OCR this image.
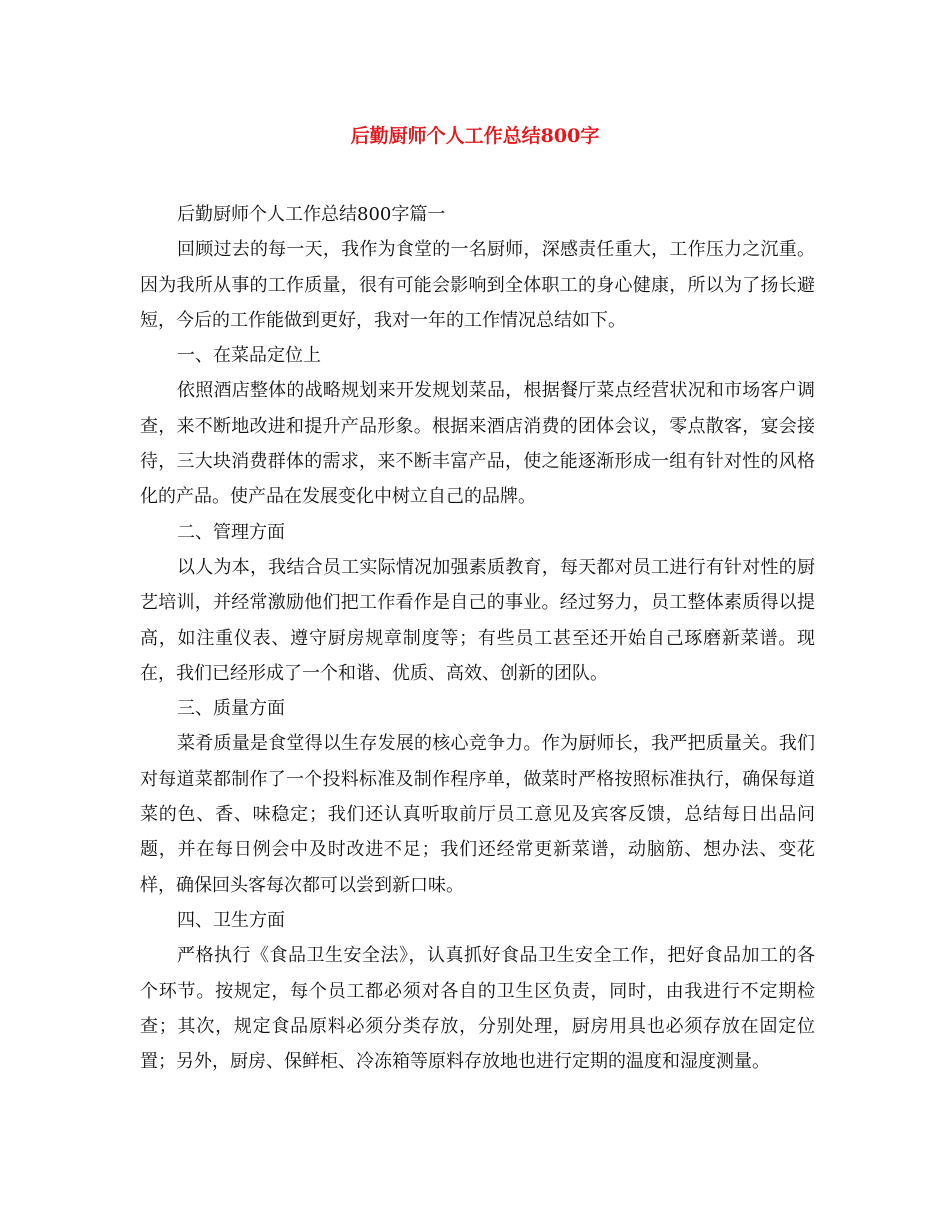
后勤厨师个人工作总结800字

后勤厨师个人工作总结800字篇一

回顾过去的每一天，我作为食堂的一名厨师，深感责任重大，工作压力之沉重。因为我所从事的工作质量，很有可能会影响到全体职工的身心健康，所以为了扬长避短，今后的工作能做到更好，我对一年的工作情况总结如下。

一、在菜品定位上

依照酒店整体的战略规划来开发规划菜品，根据餐厅菜点经营状况和市场客户调查，来不断地改进和提升产品形象。根据来酒店消费的团体会议，零点散客，宴会接待，三大块消费群体的需求，来不断丰富产品，使之能逐渐形成一组有针对性的风格化的产品。使产品在发展变化中树立自己的品牌。

二、管理方面

以人为本，我结合员工实际情况加强素质教育，每天都对员工进行有针对性的厨艺培训，并经常激励他们把工作看作是自己的事业。经过努力，员工整体素质得以提高，如注重仪表、遵守厨房规章制度等；有些员工甚至还开始自己琢磨新菜谱。现在，我们已经形成了一个和谐、优质、高效、创新的团队。

三、质量方面

菜肴质量是食堂得以生存发展的核心竞争力。作为厨师长，我严把质量关。我们对每道菜都制作了一个投料标准及制作程序单，做菜时严格按照标准执行，确保每道菜的色、香、味稳定；我们还认真听取前厅员工意见及宾客反馈，总结每日出品问题，并在每日例会中及时改进不足；我们还经常更新菜谱，动脑筋、想办法、变花样，确保回头客每次都可以尝到新口味。

四、卫生方面

严格执行《食品卫生安全法》，认真抓好食品卫生安全工作，把好食品加工的各个环节。按规定，每个员工都必须对各自的卫生区负责，同时，由我进行不定期检查；其次，规定食品原料必须分类存放，分别处理，厨房用具也必须存放在固定位置；另外，厨房、保鲜柜、冷冻箱等原料存放地也进行定期的温度和湿度测量。
